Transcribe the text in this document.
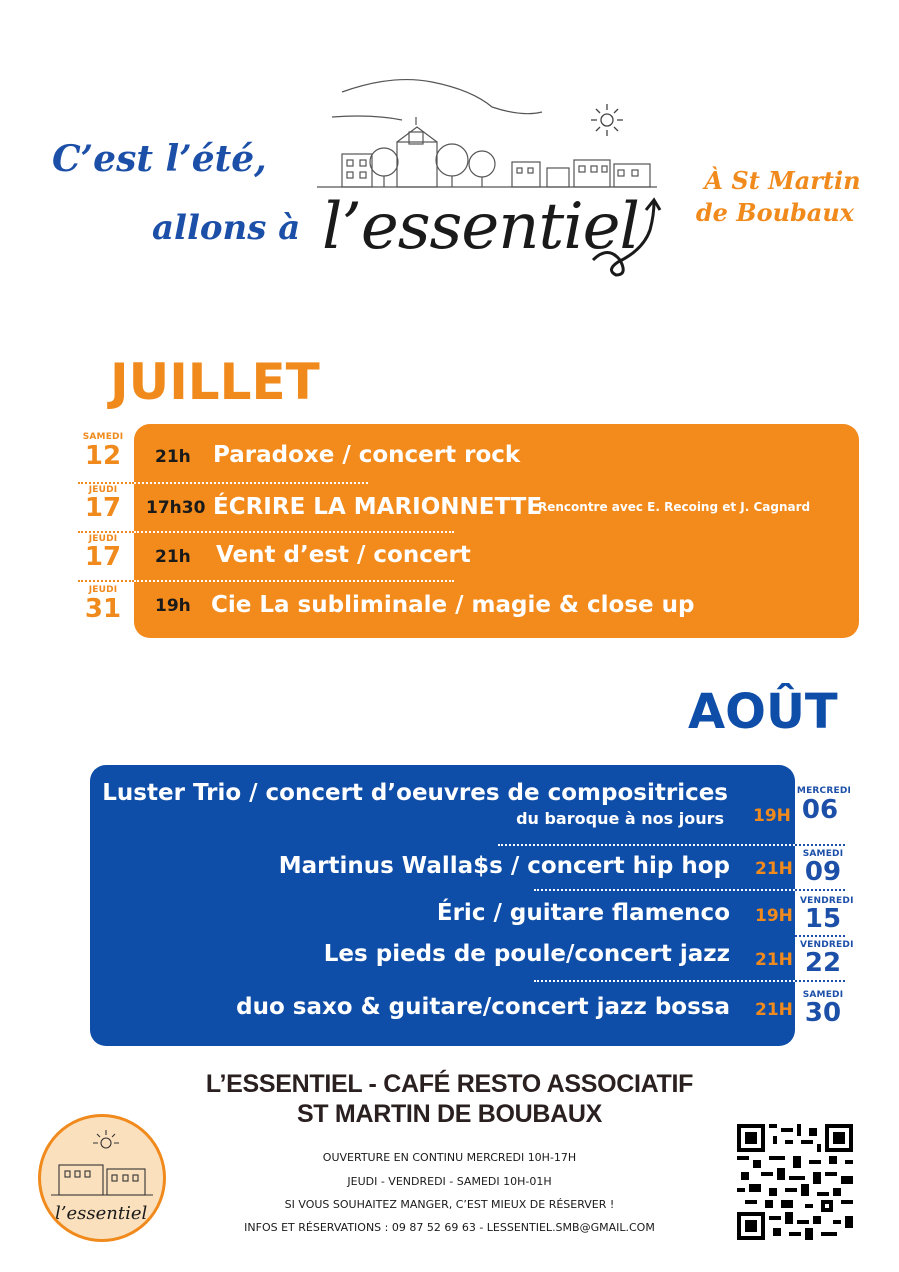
C’est l’été,
allons à l’essentiel
À St Martin
de Boubaux
JUILLET
SAMEDI
12 21h Paradoxe / concert rock
JEUDI
17 17h30 ÉCRIRE LA MARIONNETTE
Rencontre avec E. Recoing et J. Cagnard
JEUDI
17 21h Vent d’est / concert
JEUDI
31 19h Cie La subliminale / magie & close up
AOÛT
Luster Trio / concert d’oeuvres de compositrices
du baroque à nos jours 19H
MERCREDI
06
Martinus Walla$s / concert hip hop 21H
SAMEDI
09
Éric / guitare flamenco 19H
VENDREDI
15
Les pieds de poule/concert jazz 21H
VENDREDI
22
duo saxo & guitare/concert jazz bossa 21H
SAMEDI
30
L’ESSENTIEL - CAFÉ RESTO ASSOCIATIF
ST MARTIN DE BOUBAUX
OUVERTURE EN CONTINU MERCREDI 10H-17H
JEUDI - VENDREDI - SAMEDI 10H-01H
SI VOUS SOUHAITEZ MANGER, C’EST MIEUX DE RÉSERVER !
INFOS ET RÉSERVATIONS : 09 87 52 69 63 - LESSENTIEL.SMB@GMAIL.COM
l’essentiel
